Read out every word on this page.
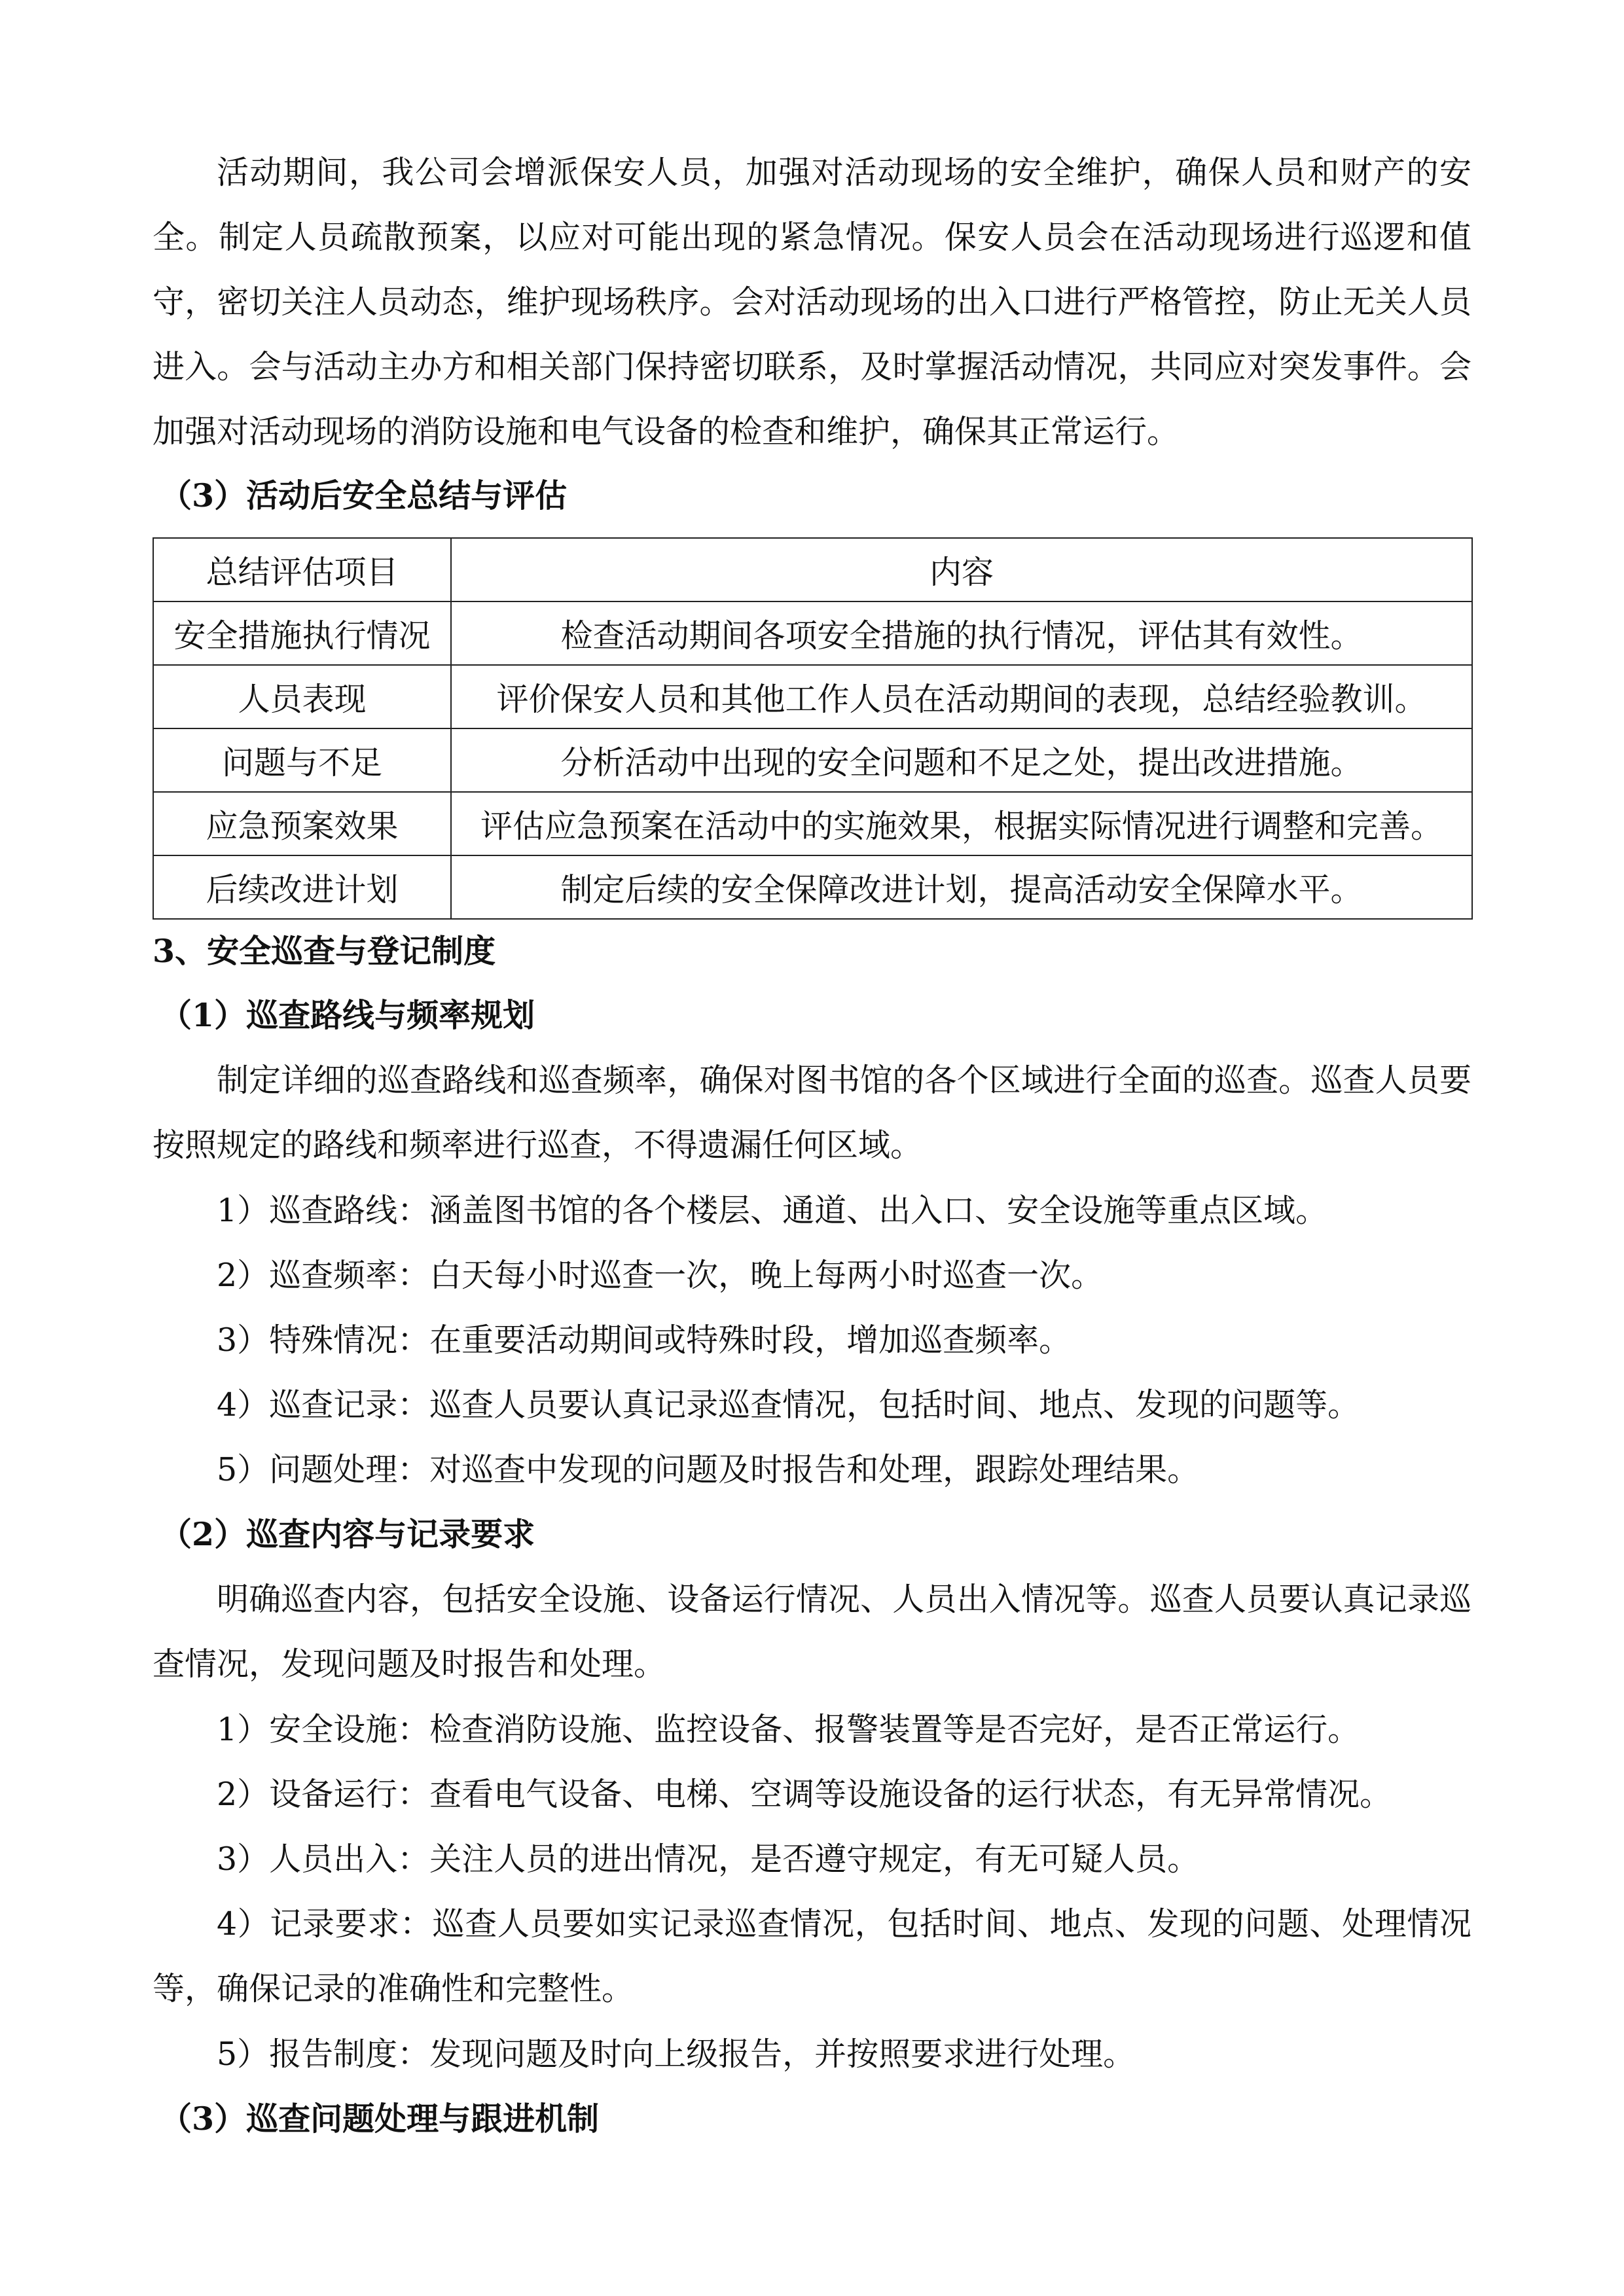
活动期间，我公司会增派保安人员，加强对活动现场的安全维护，确保人员和财产的安全。制定人员疏散预案，以应对可能出现的紧急情况。保安人员会在活动现场进行巡逻和值守，密切关注人员动态，维护现场秩序。会对活动现场的出入口进行严格管控，防止无关人员进入。会与活动主办方和相关部门保持密切联系，及时掌握活动情况，共同应对突发事件。会加强对活动现场的消防设施和电气设备的检查和维护，确保其正常运行。

（3）活动后安全总结与评估
总结评估项目	内容
安全措施执行情况	检查活动期间各项安全措施的执行情况，评估其有效性。
人员表现	评价保安人员和其他工作人员在活动期间的表现，总结经验教训。
问题与不足	分析活动中出现的安全问题和不足之处，提出改进措施。
应急预案效果	评估应急预案在活动中的实施效果，根据实际情况进行调整和完善。
后续改进计划	制定后续的安全保障改进计划，提高活动安全保障水平。
3、安全巡查与登记制度
（1）巡查路线与频率规划

制定详细的巡查路线和巡查频率，确保对图书馆的各个区域进行全面的巡查。巡查人员要按照规定的路线和频率进行巡查，不得遗漏任何区域。

1）巡查路线：涵盖图书馆的各个楼层、通道、出入口、安全设施等重点区域。

2）巡查频率：白天每小时巡查一次，晚上每两小时巡查一次。

3）特殊情况：在重要活动期间或特殊时段，增加巡查频率。

4）巡查记录：巡查人员要认真记录巡查情况，包括时间、地点、发现的问题等。

5）问题处理：对巡查中发现的问题及时报告和处理，跟踪处理结果。

（2）巡查内容与记录要求

明确巡查内容，包括安全设施、设备运行情况、人员出入情况等。巡查人员要认真记录巡查情况，发现问题及时报告和处理。

1）安全设施：检查消防设施、监控设备、报警装置等是否完好，是否正常运行。

2）设备运行：查看电气设备、电梯、空调等设施设备的运行状态，有无异常情况。

3）人员出入：关注人员的进出情况，是否遵守规定，有无可疑人员。

4）记录要求：巡查人员要如实记录巡查情况，包括时间、地点、发现的问题、处理情况等，确保记录的准确性和完整性。

5）报告制度：发现问题及时向上级报告，并按照要求进行处理。

（3）巡查问题处理与跟进机制
